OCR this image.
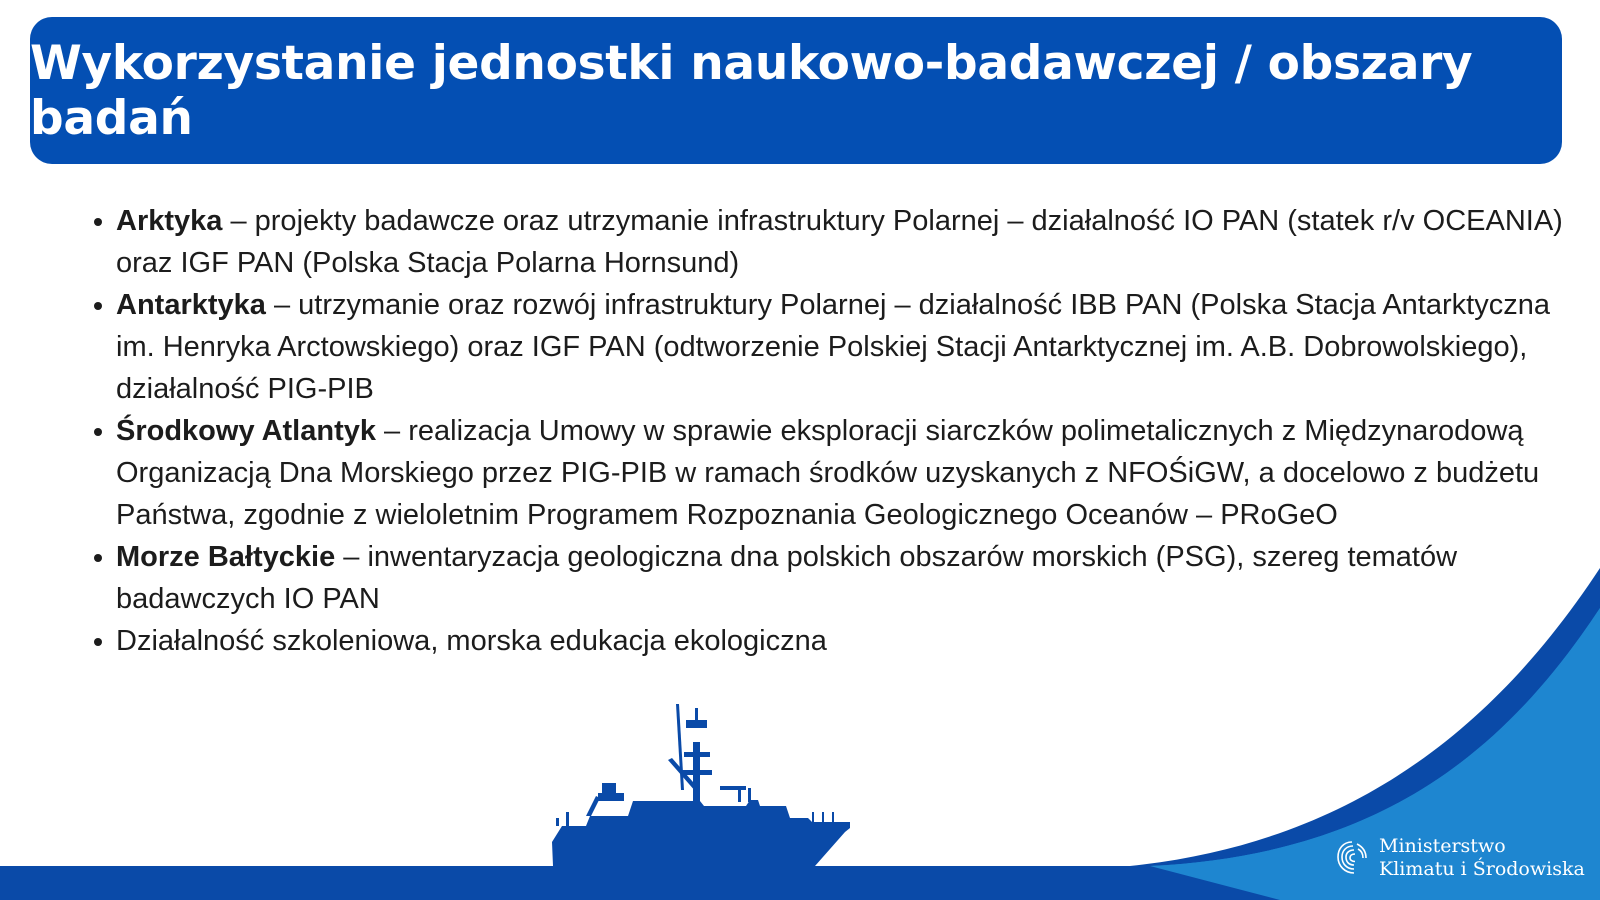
Wykorzystanie jednostki naukowo-badawczej / obszary badań
Arktyka – projekty badawcze oraz utrzymanie infrastruktury Polarnej – działalność IO PAN (statek r/v OCEANIA) oraz IGF PAN (Polska Stacja Polarna Hornsund)
Antarktyka – utrzymanie oraz rozwój infrastruktury Polarnej – działalność IBB PAN (Polska Stacja Antarktyczna im. Henryka Arctowskiego) oraz IGF PAN (odtworzenie Polskiej Stacji Antarktycznej im. A.B. Dobrowolskiego), działalność PIG-PIB
Środkowy Atlantyk – realizacja Umowy w sprawie eksploracji siarczków polimetalicznych z Międzynarodową Organizacją Dna Morskiego przez PIG-PIB w ramach środków uzyskanych z NFOŚiGW, a docelowo z budżetu Państwa, zgodnie z wieloletnim Programem Rozpoznania Geologicznego Oceanów – PRoGeO
Morze Bałtyckie – inwentaryzacja geologiczna dna polskich obszarów morskich (PSG), szereg tematów badawczych IO PAN
Działalność szkoleniowa, morska edukacja ekologiczna
Ministerstwo
Klimatu i Środowiska
